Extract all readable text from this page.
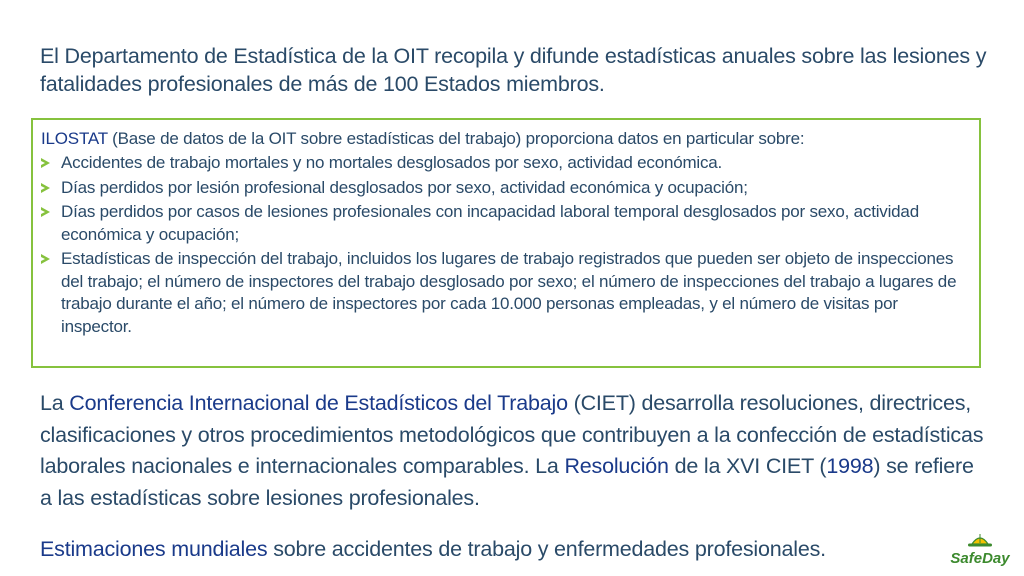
El Departamento de Estadística de la OIT recopila y difunde estadísticas anuales sobre las lesiones y fatalidades profesionales de más de 100 Estados miembros.

ILOSTAT (Base de datos de la OIT sobre estadísticas del trabajo) proporciona datos en particular sobre:

Accidentes de trabajo mortales y no mortales desglosados por sexo, actividad económica.
Días perdidos por lesión profesional desglosados por sexo, actividad económica y ocupación;
Días perdidos por casos de lesiones profesionales con incapacidad laboral temporal desglosados por sexo, actividad económica y ocupación;
Estadísticas de inspección del trabajo, incluidos los lugares de trabajo registrados que pueden ser objeto de inspecciones del trabajo; el número de inspectores del trabajo desglosado por sexo; el número de inspecciones del trabajo a lugares de trabajo durante el año; el número de inspectores por cada 10.000 personas empleadas, y el número de visitas por inspector.

La Conferencia Internacional de Estadísticos del Trabajo (CIET) desarrolla resoluciones, directrices, clasificaciones y otros procedimientos metodológicos que contribuyen a la confección de estadísticas laborales nacionales e internacionales comparables. La Resolución de la XVI CIET (1998) se refiere a las estadísticas sobre lesiones profesionales.

Estimaciones mundiales sobre accidentes de trabajo y enfermedades profesionales.	SafeDay
